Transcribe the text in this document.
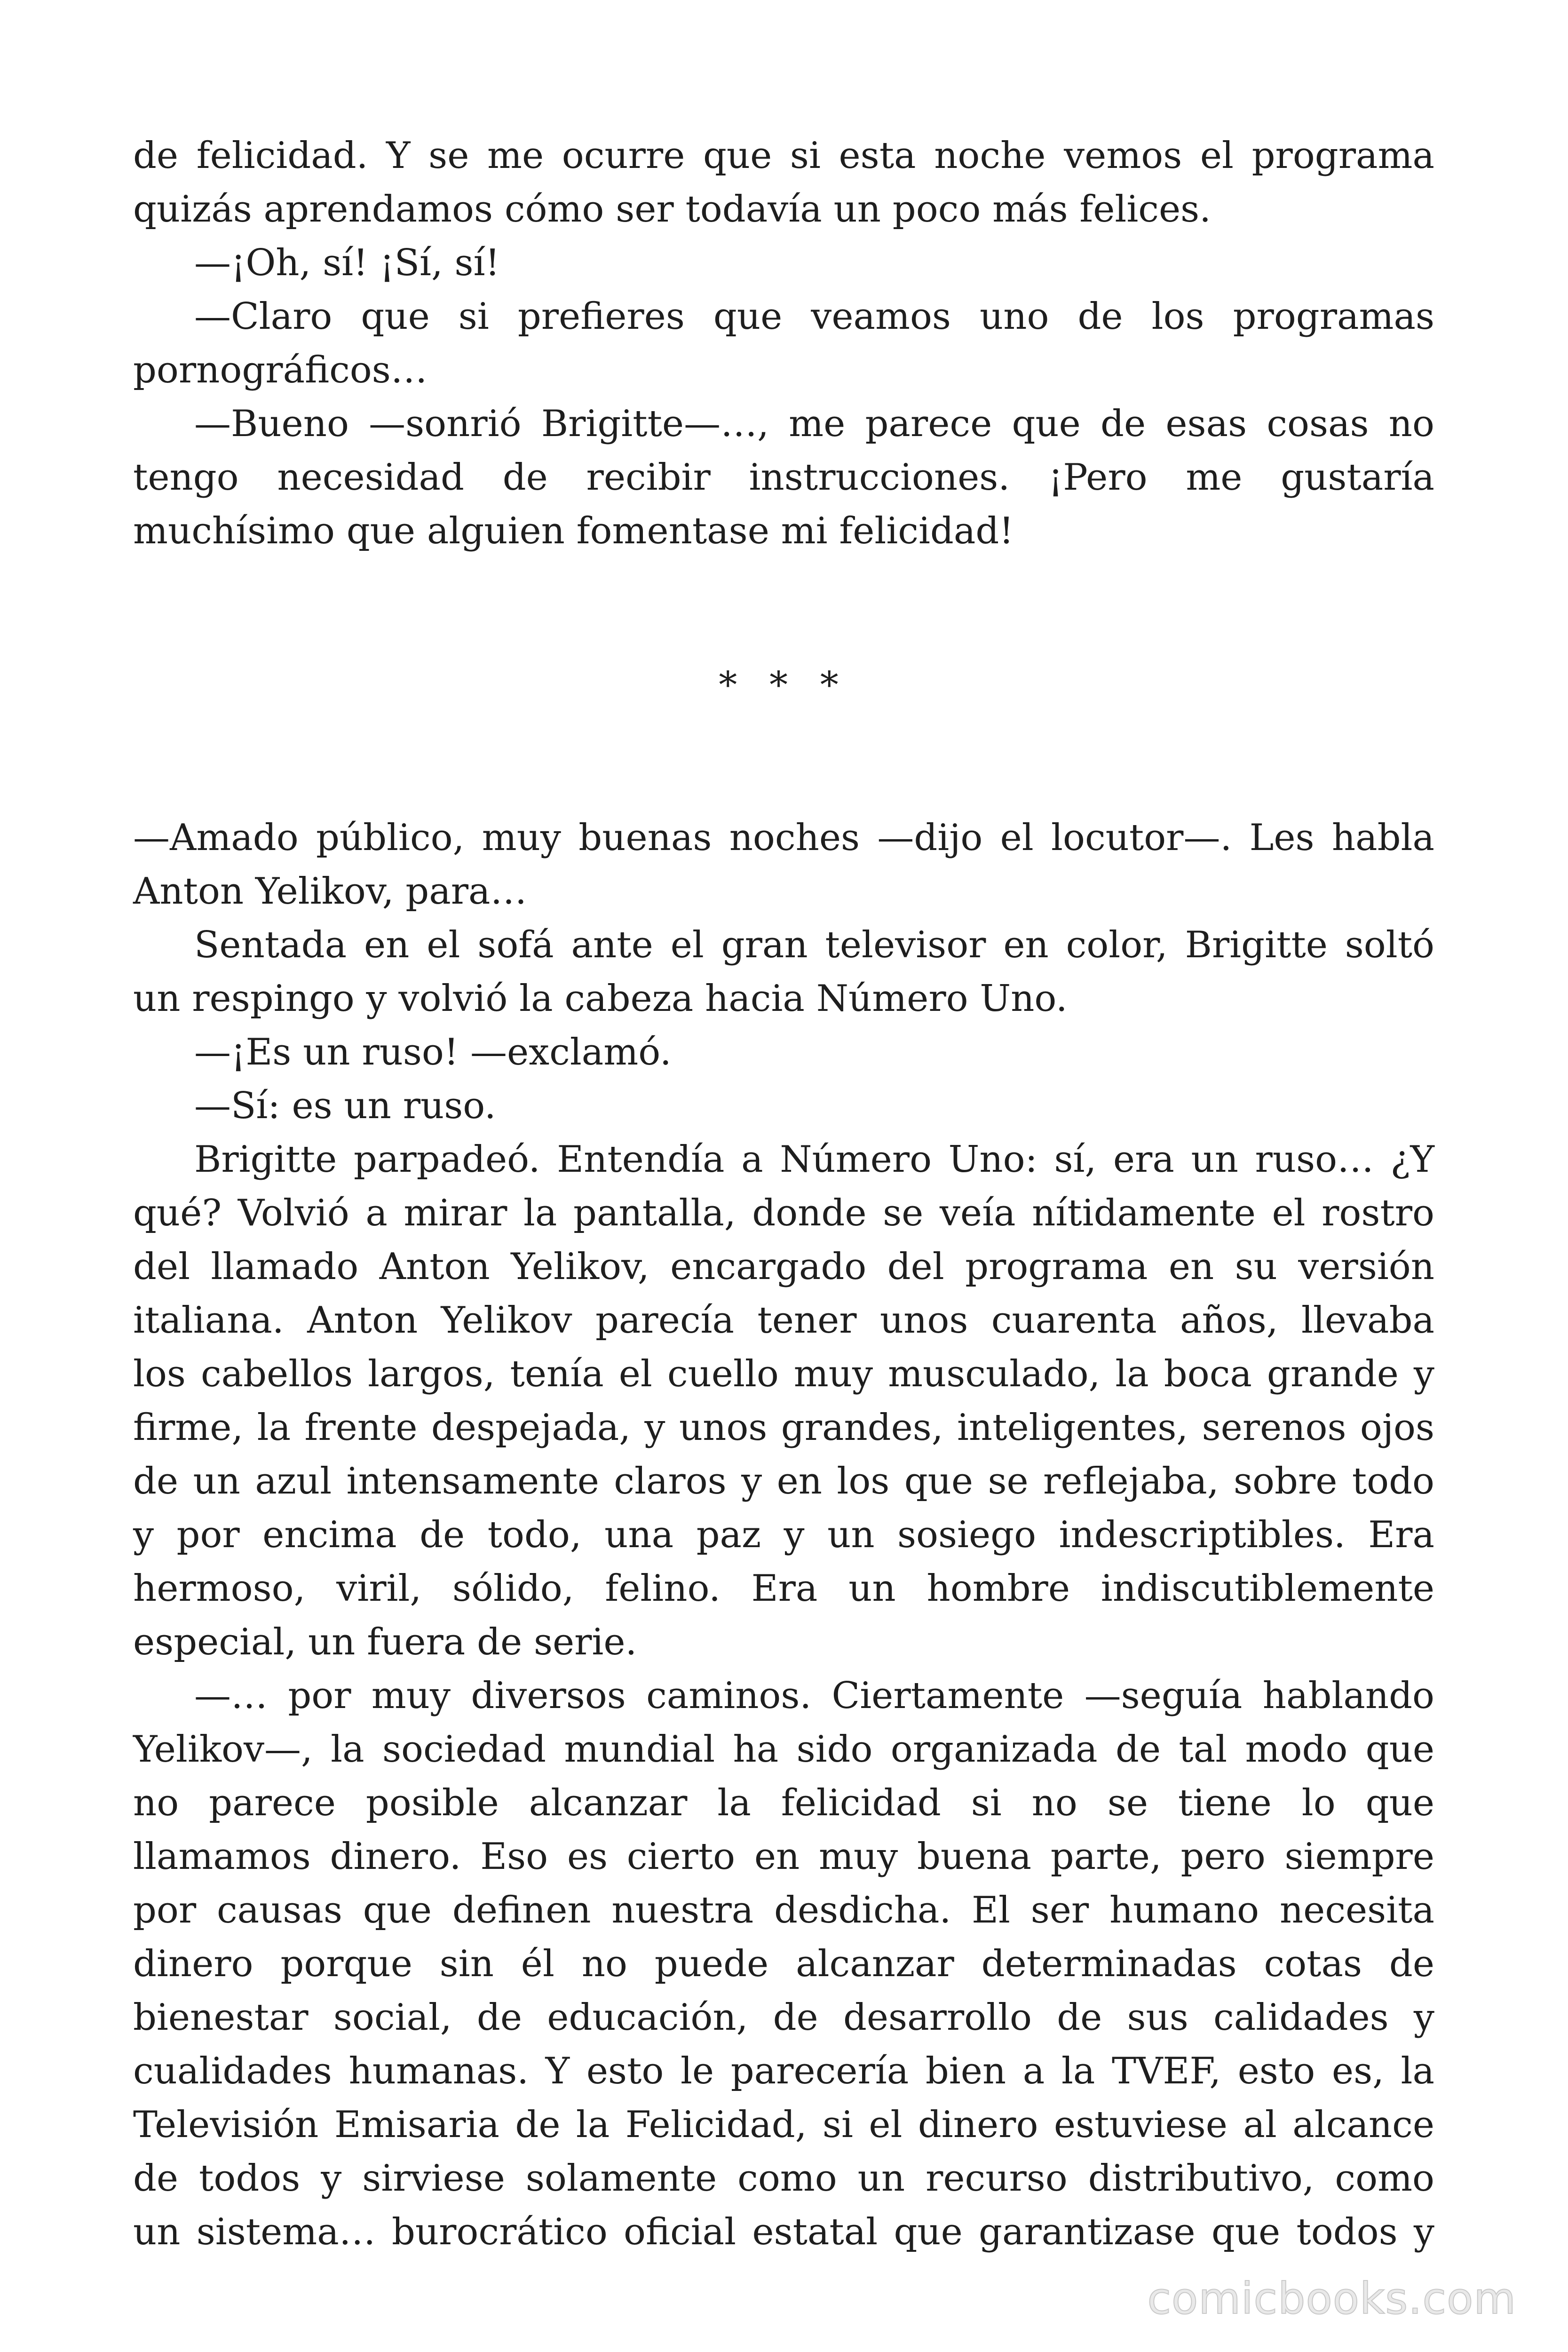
de felicidad. Y se me ocurre que si esta noche vemos el programa
quizás aprendamos cómo ser todavía un poco más felices.
—¡Oh, sí! ¡Sí, sí!
—Claro que si prefieres que veamos uno de los programas
pornográficos…
—Bueno —sonrió Brigitte—…, me parece que de esas cosas no
tengo necesidad de recibir instrucciones. ¡Pero me gustaría
muchísimo que alguien fomentase mi felicidad!
* * *
—Amado público, muy buenas noches —dijo el locutor—. Les habla
Anton Yelikov, para…
Sentada en el sofá ante el gran televisor en color, Brigitte soltó
un respingo y volvió la cabeza hacia Número Uno.
—¡Es un ruso! —exclamó.
—Sí: es un ruso.
Brigitte parpadeó. Entendía a Número Uno: sí, era un ruso… ¿Y
qué? Volvió a mirar la pantalla, donde se veía nítidamente el rostro
del llamado Anton Yelikov, encargado del programa en su versión
italiana. Anton Yelikov parecía tener unos cuarenta años, llevaba
los cabellos largos, tenía el cuello muy musculado, la boca grande y
firme, la frente despejada, y unos grandes, inteligentes, serenos ojos
de un azul intensamente claros y en los que se reflejaba, sobre todo
y por encima de todo, una paz y un sosiego indescriptibles. Era
hermoso, viril, sólido, felino. Era un hombre indiscutiblemente
especial, un fuera de serie.
—… por muy diversos caminos. Ciertamente —seguía hablando
Yelikov—, la sociedad mundial ha sido organizada de tal modo que
no parece posible alcanzar la felicidad si no se tiene lo que
llamamos dinero. Eso es cierto en muy buena parte, pero siempre
por causas que definen nuestra desdicha. El ser humano necesita
dinero porque sin él no puede alcanzar determinadas cotas de
bienestar social, de educación, de desarrollo de sus calidades y
cualidades humanas. Y esto le parecería bien a la TVEF, esto es, la
Televisión Emisaria de la Felicidad, si el dinero estuviese al alcance
de todos y sirviese solamente como un recurso distributivo, como
un sistema… burocrático oficial estatal que garantizase que todos y
comicbooks.com
